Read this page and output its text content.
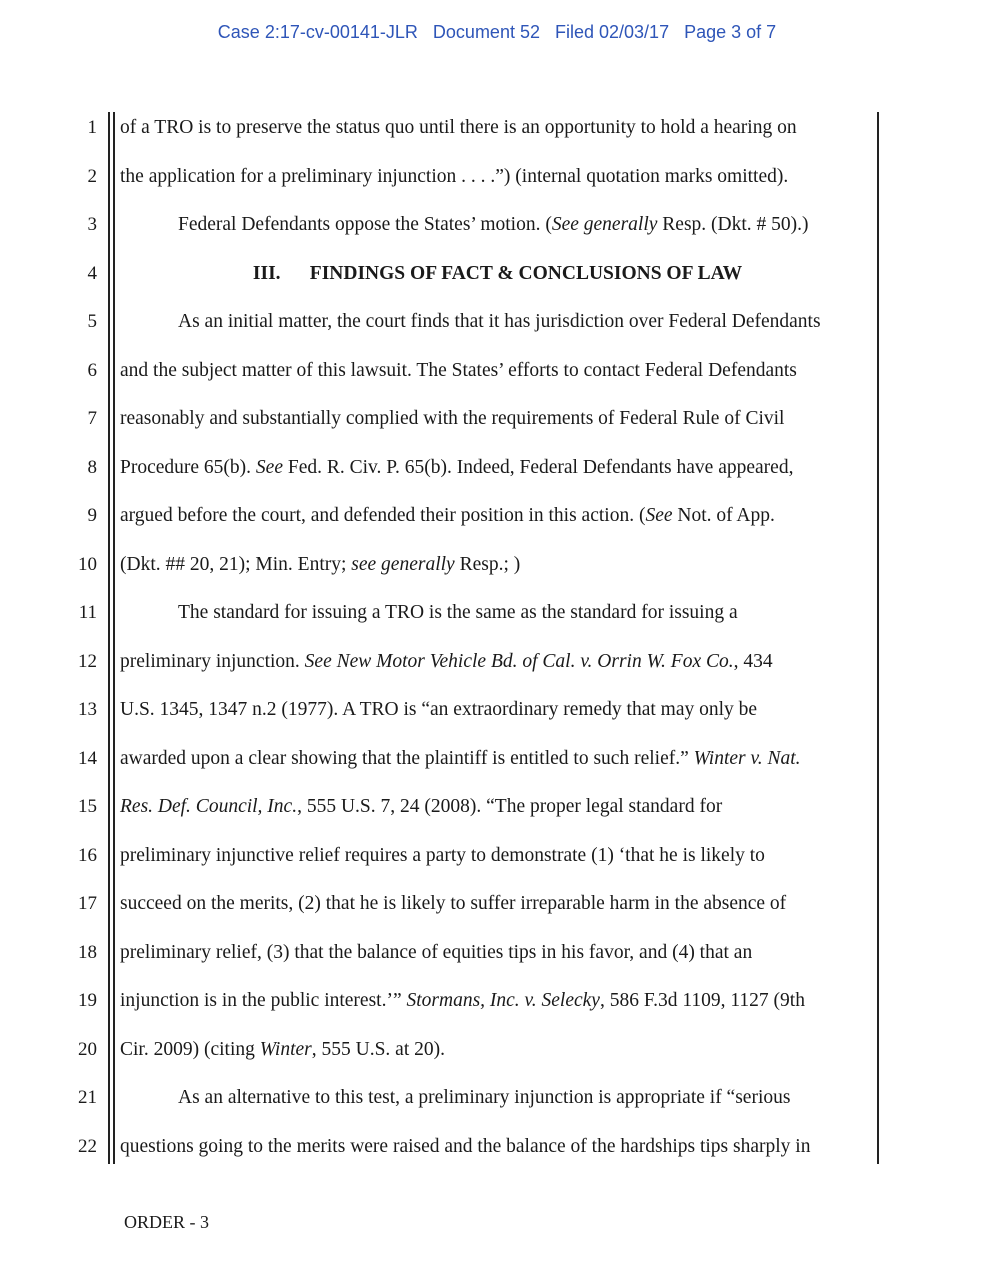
Case 2:17-cv-00141-JLR Document 52 Filed 02/03/17 Page 3 of 7
1 of a TRO is to preserve the status quo until there is an opportunity to hold a hearing on
2 the application for a preliminary injunction . . . .”) (internal quotation marks omitted).
3	Federal Defendants oppose the States’ motion. (See generally Resp. (Dkt. # 50).)
4	III.      FINDINGS OF FACT & CONCLUSIONS OF LAW
5	As an initial matter, the court finds that it has jurisdiction over Federal Defendants
6 and the subject matter of this lawsuit. The States’ efforts to contact Federal Defendants
7 reasonably and substantially complied with the requirements of Federal Rule of Civil
8 Procedure 65(b). See Fed. R. Civ. P. 65(b). Indeed, Federal Defendants have appeared,
9 argued before the court, and defended their position in this action. (See Not. of App.
10 (Dkt. ## 20, 21); Min. Entry; see generally Resp.; )
11	The standard for issuing a TRO is the same as the standard for issuing a
12 preliminary injunction. See New Motor Vehicle Bd. of Cal. v. Orrin W. Fox Co., 434
13 U.S. 1345, 1347 n.2 (1977). A TRO is “an extraordinary remedy that may only be
14 awarded upon a clear showing that the plaintiff is entitled to such relief.” Winter v. Nat.
15 Res. Def. Council, Inc., 555 U.S. 7, 24 (2008). “The proper legal standard for
16 preliminary injunctive relief requires a party to demonstrate (1) ‘that he is likely to
17 succeed on the merits, (2) that he is likely to suffer irreparable harm in the absence of
18 preliminary relief, (3) that the balance of equities tips in his favor, and (4) that an
19 injunction is in the public interest.’” Stormans, Inc. v. Selecky, 586 F.3d 1109, 1127 (9th
20 Cir. 2009) (citing Winter, 555 U.S. at 20).
21	As an alternative to this test, a preliminary injunction is appropriate if “serious
22 questions going to the merits were raised and the balance of the hardships tips sharply in
ORDER - 3
